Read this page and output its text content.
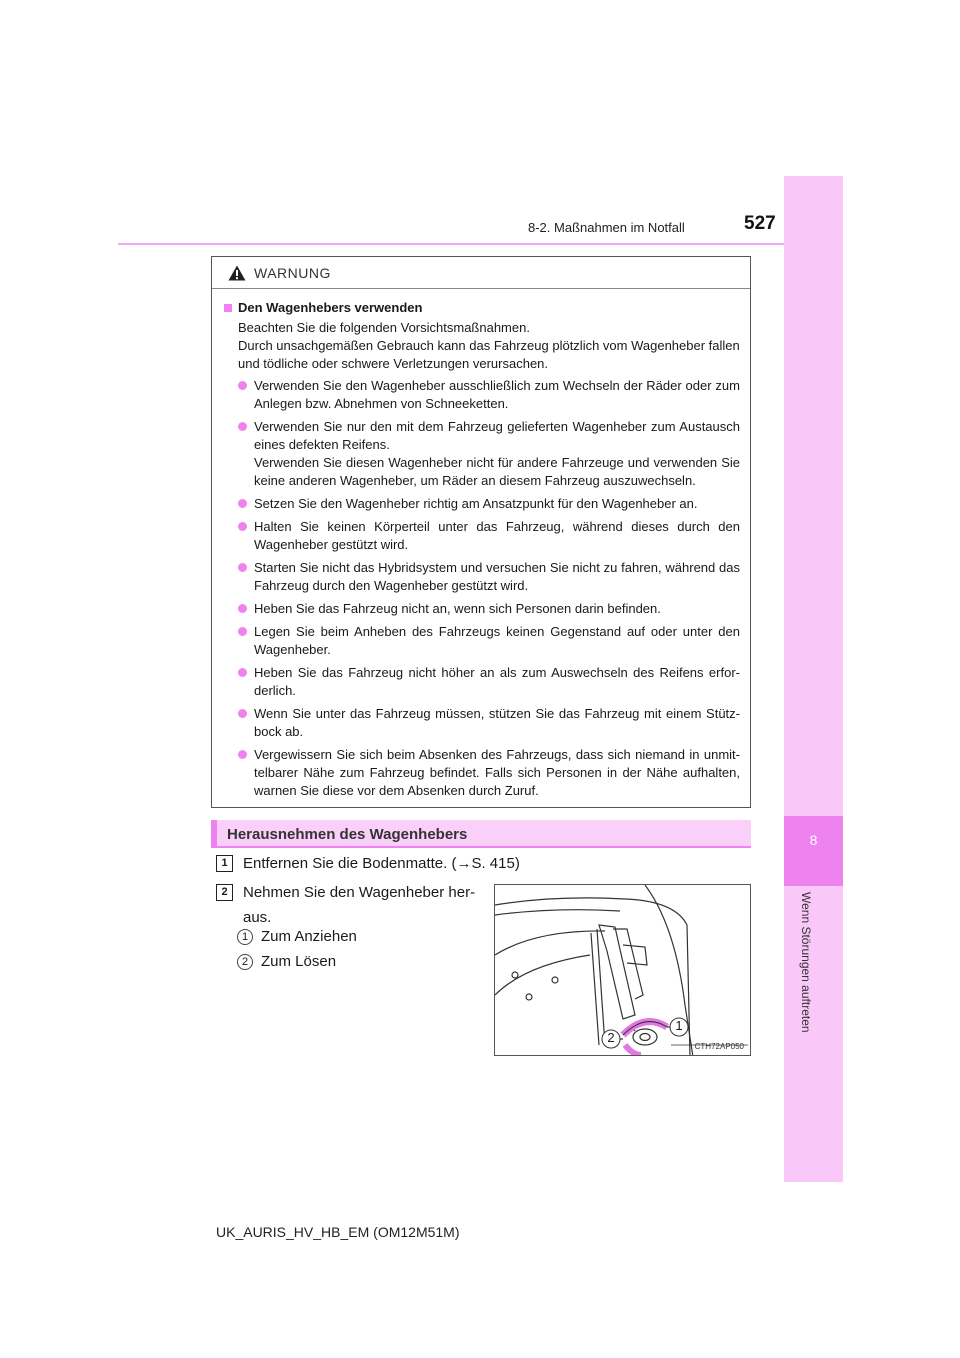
8-2. Maßnahmen im Notfall	527
8
Wenn Störungen auftreten
WARNUNG
Den Wagenhebers verwenden
Beachten Sie die folgenden Vorsichtsmaßnahmen.
Durch unsachgemäßen Gebrauch kann das Fahrzeug plötzlich vom Wagenheber fallen und tödliche oder schwere Verletzungen verursachen.
Verwenden Sie den Wagenheber ausschließlich zum Wechseln der Räder oder zum Anlegen bzw. Abnehmen von Schneeketten.
Verwenden Sie nur den mit dem Fahrzeug gelieferten Wagenheber zum Austausch eines defekten Reifens.
Verwenden Sie diesen Wagenheber nicht für andere Fahrzeuge und verwenden Sie keine anderen Wagenheber, um Räder an diesem Fahrzeug auszuwechseln.
Setzen Sie den Wagenheber richtig am Ansatzpunkt für den Wagenheber an.
Halten Sie keinen Körperteil unter das Fahrzeug, während dieses durch den Wagenheber gestützt wird.
Starten Sie nicht das Hybridsystem und versuchen Sie nicht zu fahren, während das Fahrzeug durch den Wagenheber gestützt wird.
Heben Sie das Fahrzeug nicht an, wenn sich Personen darin befinden.
Legen Sie beim Anheben des Fahrzeugs keinen Gegenstand auf oder unter den Wagenheber.
Heben Sie das Fahrzeug nicht höher an als zum Auswechseln des Reifens erfor-derlich.
Wenn Sie unter das Fahrzeug müssen, stützen Sie das Fahrzeug mit einem Stütz-bock ab.
Vergewissern Sie sich beim Absenken des Fahrzeugs, dass sich niemand in unmit-telbarer Nähe zum Fahrzeug befindet. Falls sich Personen in der Nähe aufhalten, warnen Sie diese vor dem Absenken durch Zuruf.
Herausnehmen des Wagenhebers
1	Entfernen Sie die Bodenmatte. (→S. 415)
2	Nehmen Sie den Wagenheber her-
aus.
1 Zum Anziehen
2 Zum Lösen
1
2
CTH72AP050
UK_AURIS_HV_HB_EM (OM12M51M)
